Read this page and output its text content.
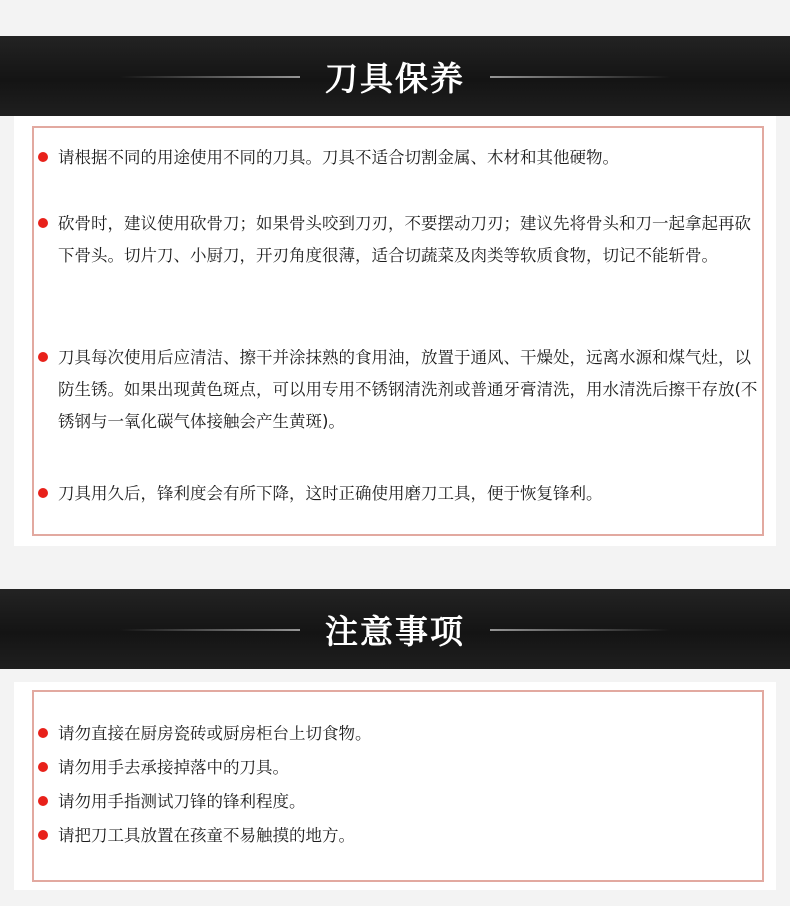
刀具保养
请根据不同的用途使用不同的刀具。刀具不适合切割金属、木材和其他硬物。
砍骨时，建议使用砍骨刀；如果骨头咬到刀刃，不要摆动刀刃；建议先将骨头和刀一起拿起再砍下骨头。切片刀、小厨刀，开刃角度很薄，适合切蔬菜及肉类等软质食物，切记不能斩骨。
刀具每次使用后应清洁、擦干并涂抹熟的食用油，放置于通风、干燥处，远离水源和煤气灶，以防生锈。如果出现黄色斑点，可以用专用不锈钢清洗剂或普通牙膏清洗，用水清洗后擦干存放(不锈钢与一氧化碳气体接触会产生黄斑)。
刀具用久后，锋利度会有所下降，这时正确使用磨刀工具，便于恢复锋利。
注意事项
请勿直接在厨房瓷砖或厨房柜台上切食物。
请勿用手去承接掉落中的刀具。
请勿用手指测试刀锋的锋利程度。
请把刀工具放置在孩童不易触摸的地方。
